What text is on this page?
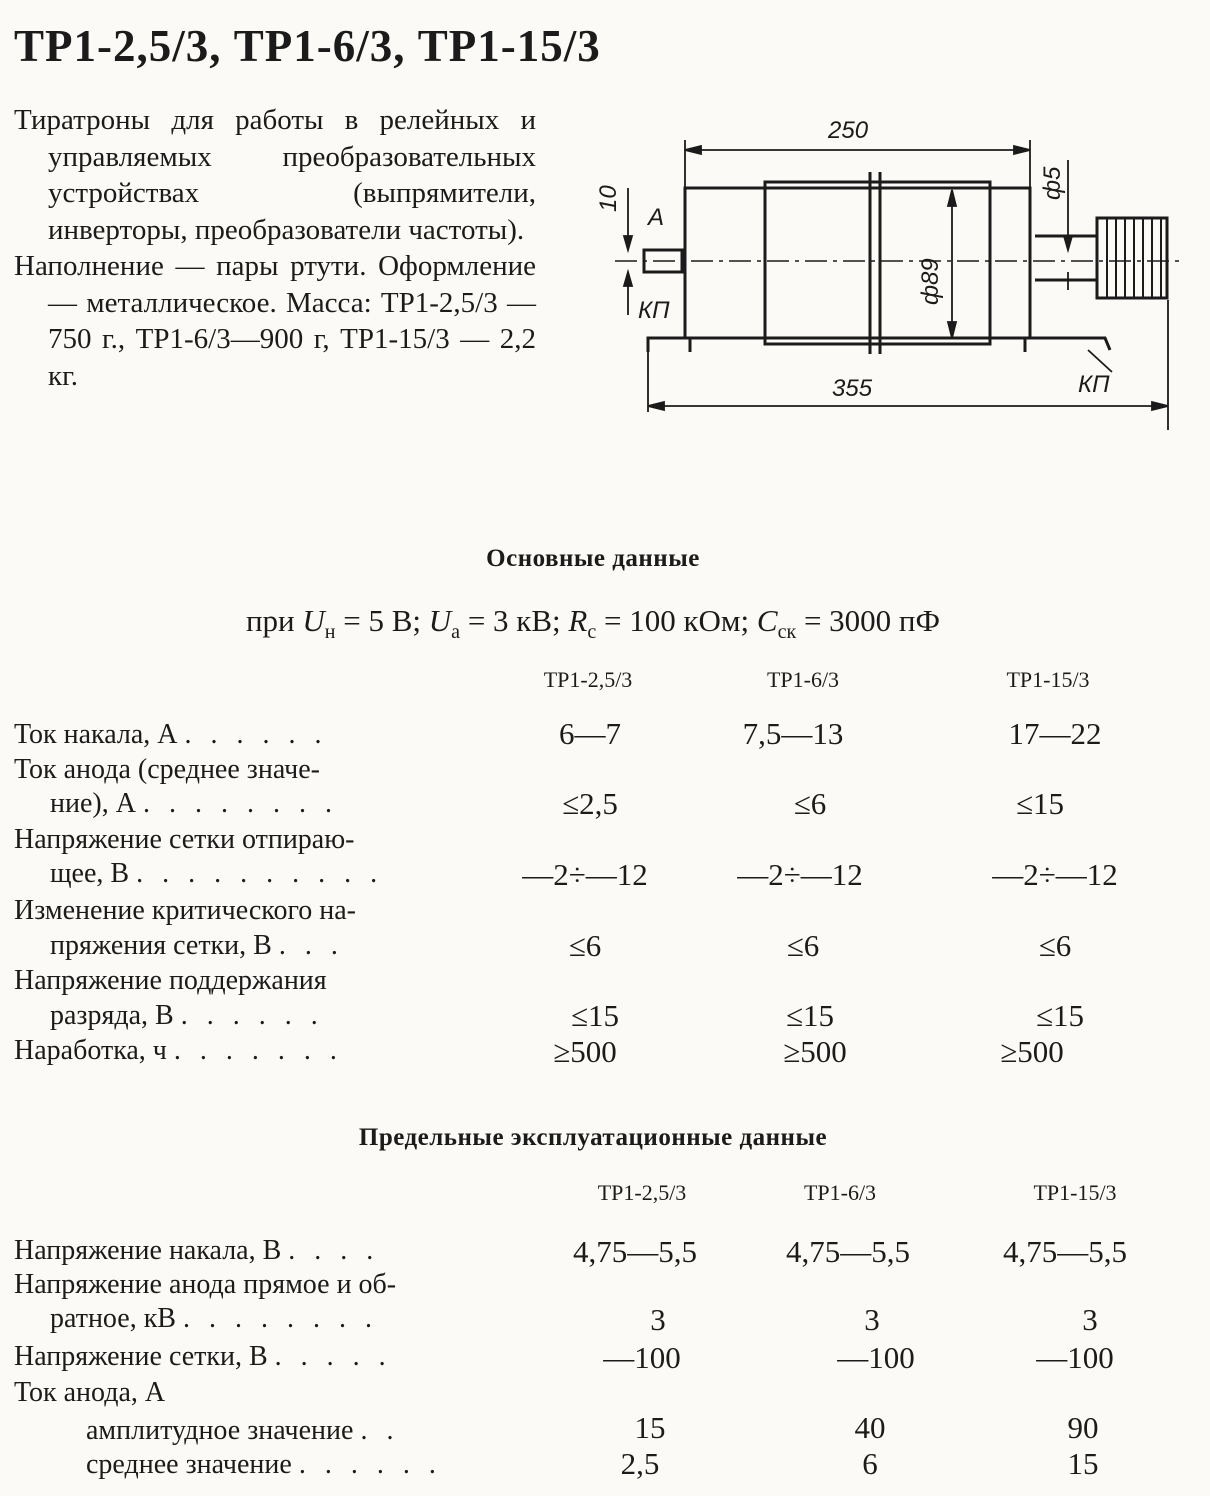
ТР1-2,5/3, ТР1-6/3, ТР1-15/3

Тиратроны для работы в релейных и управляемых преобразовательных устройствах (выпрямители, инверторы, преобразователи частоты).

Наполнение — пары ртути. Оформление — металлическое. Масса: ТР1-2,5/3 — 750 г., ТР1-6/3—900 г, ТР1-15/3 — 2,2 кг.

250
355
ф89
10	ф5
А
КП
КП
Основные данные
при $U_н = 5$ В; $U_а = 3$ кВ; $R_с = 100$ кОм; $C_{ск} = 3000$ пФ
ТР1-2,5/3	ТР1-6/3	ТР1-15/3
Ток накала, А . . . . . .	6—7	7,5—13	17—22
Ток анода (среднее значе-
ние), А . . . . . . . .	≤2,5	≤6	≤15
Напряжение сетки отпираю-
щее, В . . . . . . . . . .	—2÷—12	—2÷—12	—2÷—12
Изменение критического на-
пряжения сетки, В . . .	≤6	≤6	≤6
Напряжение поддержания
разряда, В . . . . . .	≤15	≤15	≤15
Наработка, ч . . . . . . .	≥500	≥500	≥500
Предельные эксплуатационные данные
ТР1-2,5/3	ТР1-6/3	ТР1-15/3
Напряжение накала, В . . . .	4,75—5,5	4,75—5,5	4,75—5,5
Напряжение анода прямое и об-
ратное, кВ . . . . . . . .	3	3	3
Напряжение сетки, В . . . . .	—100	—100	—100
Ток анода, А
амплитудное значение . .	15	40	90
среднее значение . . . . . .	2,5	6	15
